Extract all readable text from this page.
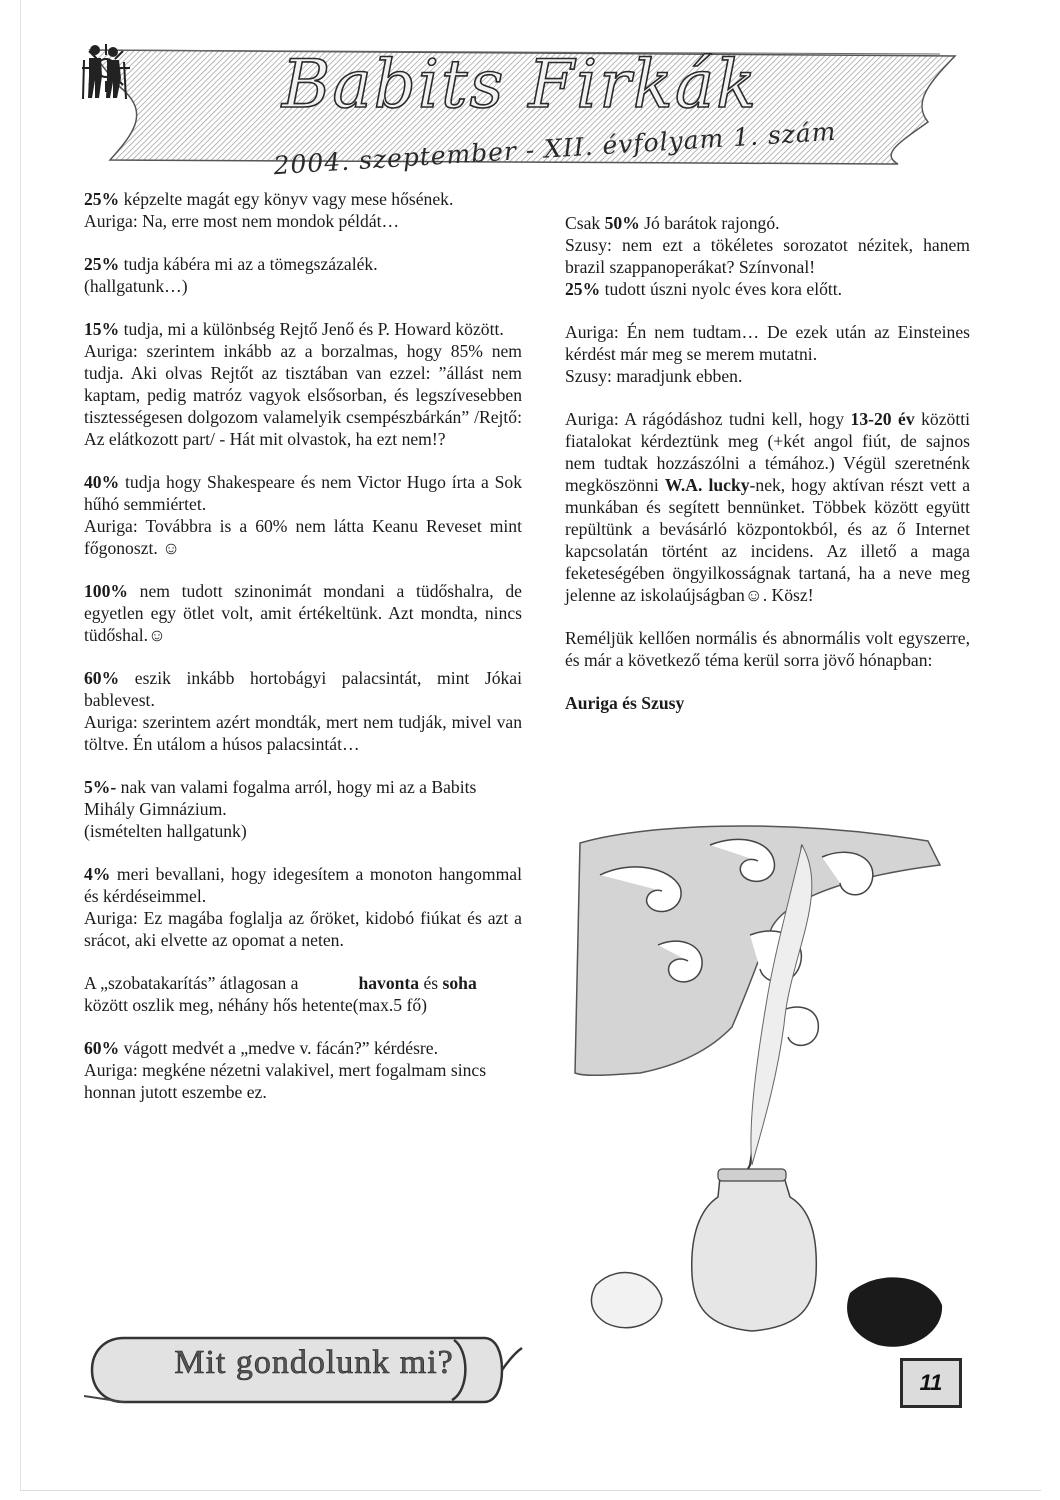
Babits Firkák
2004. szeptember - XII. évfolyam 1. szám

25% képzelte magát egy könyv vagy mese hősének.
Auriga: Na, erre most nem mondok példát…

25% tudja kábéra mi az a tömegszázalék.
(hallgatunk…)

15% tudja, mi a különbség Rejtő Jenő és P. Howard között.
Auriga: szerintem inkább az a borzalmas, hogy 85% nem tudja. Aki olvas Rejtőt az tisztában van ezzel: ”állást nem kaptam, pedig matróz vagyok elsősorban, és legszívesebben tisztességesen dolgozom valamelyik csempészbárkán” /Rejtő: Az elátkozott part/ - Hát mit olvastok, ha ezt nem!?

40% tudja hogy Shakespeare és nem Victor Hugo írta a Sok hűhó semmiértet.
Auriga: Továbbra is a 60% nem látta Keanu Reveset mint főgonoszt. ☺

100% nem tudott szinonimát mondani a tüdőshalra, de egyetlen egy ötlet volt, amit értékeltünk. Azt mondta, nincs tüdőshal.☺

60% eszik inkább hortobágyi palacsintát, mint Jókai bablevest.
Auriga: szerintem azért mondták, mert nem tudják, mivel van töltve. Én utálom a húsos palacsintát…

5%- nak van valami fogalma arról, hogy mi az a Babits Mihály Gimnázium.
(ismételten hallgatunk)

4% meri bevallani, hogy idegesítem a monoton hangommal és kérdéseimmel.
Auriga: Ez magába foglalja az őröket, kidobó fiúkat és azt a srácot, aki elvette az opomat a neten.

A „szobatakarítás” átlagosan a	havonta és soha között oszlik meg, néhány hős hetente(max.5 fő)

60% vágott medvét a „medve v. fácán?” kérdésre.
Auriga: megkéne nézetni valakivel, mert fogalmam sincs honnan jutott eszembe ez.

Csak 50% Jó barátok rajongó.
Szusy: nem ezt a tökéletes sorozatot nézitek, hanem brazil szappanoperákat? Színvonal!
25% tudott úszni nyolc éves kora előtt.

Auriga: Én nem tudtam… De ezek után az Einsteines kérdést már meg se merem mutatni.
Szusy: maradjunk ebben.

Auriga: A rágódáshoz tudni kell, hogy 13-20 év közötti fiatalokat kérdeztünk meg (+két angol fiút, de sajnos nem tudtak hozzászólni a témához.) Végül szeretnénk megköszönni W.A. lucky-nek, hogy aktívan részt vett a munkában és segített bennünket. Többek között együtt repültünk a bevásárló központokból, és az ő Internet kapcsolatán történt az incidens. Az illető a maga feketeségében öngyilkosságnak tartaná, ha a neve meg jelenne az iskolaújságban☺. Kösz!

Reméljük kellően normális és abnormális volt egyszerre, és már a következő téma kerül sorra jövő hónapban:

Auriga és Szusy

Mit gondolunk mi?
11
